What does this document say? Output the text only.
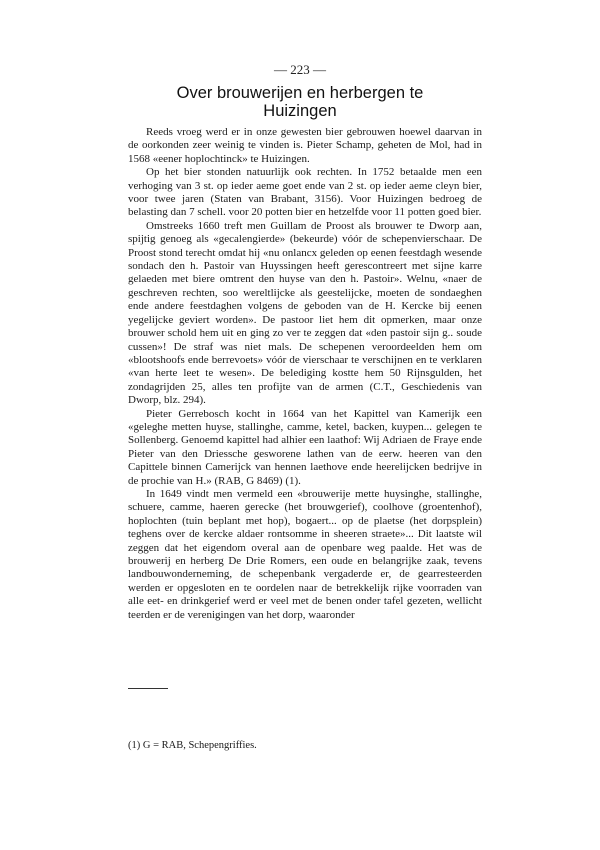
— 223 —
Over brouwerijen en herbergen te Huizingen

Reeds vroeg werd er in onze gewesten bier gebrouwen hoewel daarvan in de oorkonden zeer weinig te vinden is. Pieter Schamp, geheten de Mol, had in 1568 «eener hoplochtinck» te Huizingen.

Op het bier stonden natuurlijk ook rechten. In 1752 betaalde men een verhoging van 3 st. op ieder aeme goet ende van 2 st. op ieder aeme cleyn bier, voor twee jaren (Staten van Brabant, 3156). Voor Huizingen bedroeg de belasting dan 7 schell. voor 20 potten bier en hetzelfde voor 11 potten goed bier.

Omstreeks 1660 treft men Guillam de Proost als brouwer te Dworp aan, spijtig genoeg als «gecalengierde» (bekeurde) vóór de schepenvierschaar. De Proost stond terecht omdat hij «nu onlancx geleden op eenen feestdagh wesende sondach den h. Pastoir van Huyssingen heeft gerescontreert met sijne karre gelaeden met biere omtrent den huyse van den h. Pastoir». Welnu, «naer de geschreven rechten, soo wereltlijcke als geestelijcke, moeten de sondaeghen ende andere feestdaghen volgens de geboden van de H. Kercke bij eenen yegelijcke geviert worden». De pastoor liet hem dit opmerken, maar onze brouwer schold hem uit en ging zo ver te zeggen dat «den pastoir sijn g.. soude cussen»! De straf was niet mals. De schepenen veroordeelden hem om «blootshoofs ende berrevoets» vóór de vierschaar te verschijnen en te verklaren «van herte leet te wesen». De belediging kostte hem 50 Rijnsgulden, het zondagrijden 25, alles ten profijte van de armen (C.T., Geschiedenis van Dworp, blz. 294).

Pieter Gerrebosch kocht in 1664 van het Kapittel van Kamerijk een «geleghe metten huyse, stallinghe, camme, ketel, backen, kuypen... gelegen te Sollenberg. Genoemd kapittel had alhier een laathof: Wij Adriaen de Fraye ende Pieter van den Driessche gesworene lathen van de eerw. heeren van den Capittele binnen Camerijck van hennen laethove ende heerelijcken bedrijve in de prochie van H.» (RAB, G 8469) (1).

In 1649 vindt men vermeld een «brouwerije mette huysinghe, stallinghe, schuere, camme, haeren gerecke (het brouwgerief), coolhove (groentenhof), hoplochten (tuin beplant met hop), bogaert... op de plaetse (het dorpsplein) teghens over de kercke aldaer rontsomme in sheeren straete»... Dit laatste wil zeggen dat het eigendom overal aan de openbare weg paalde. Het was de brouwerij en herberg De Drie Romers, een oude en belangrijke zaak, tevens landbouwonderneming, de schepenbank vergaderde er, de gearresteerden werden er opgesloten en te oordelen naar de betrekkelijk rijke voorraden van alle eet- en drinkgerief werd er veel met de benen onder tafel gezeten, wellicht teerden er de verenigingen van het dorp, waaronder

(1) G = RAB, Schepengriffies.
